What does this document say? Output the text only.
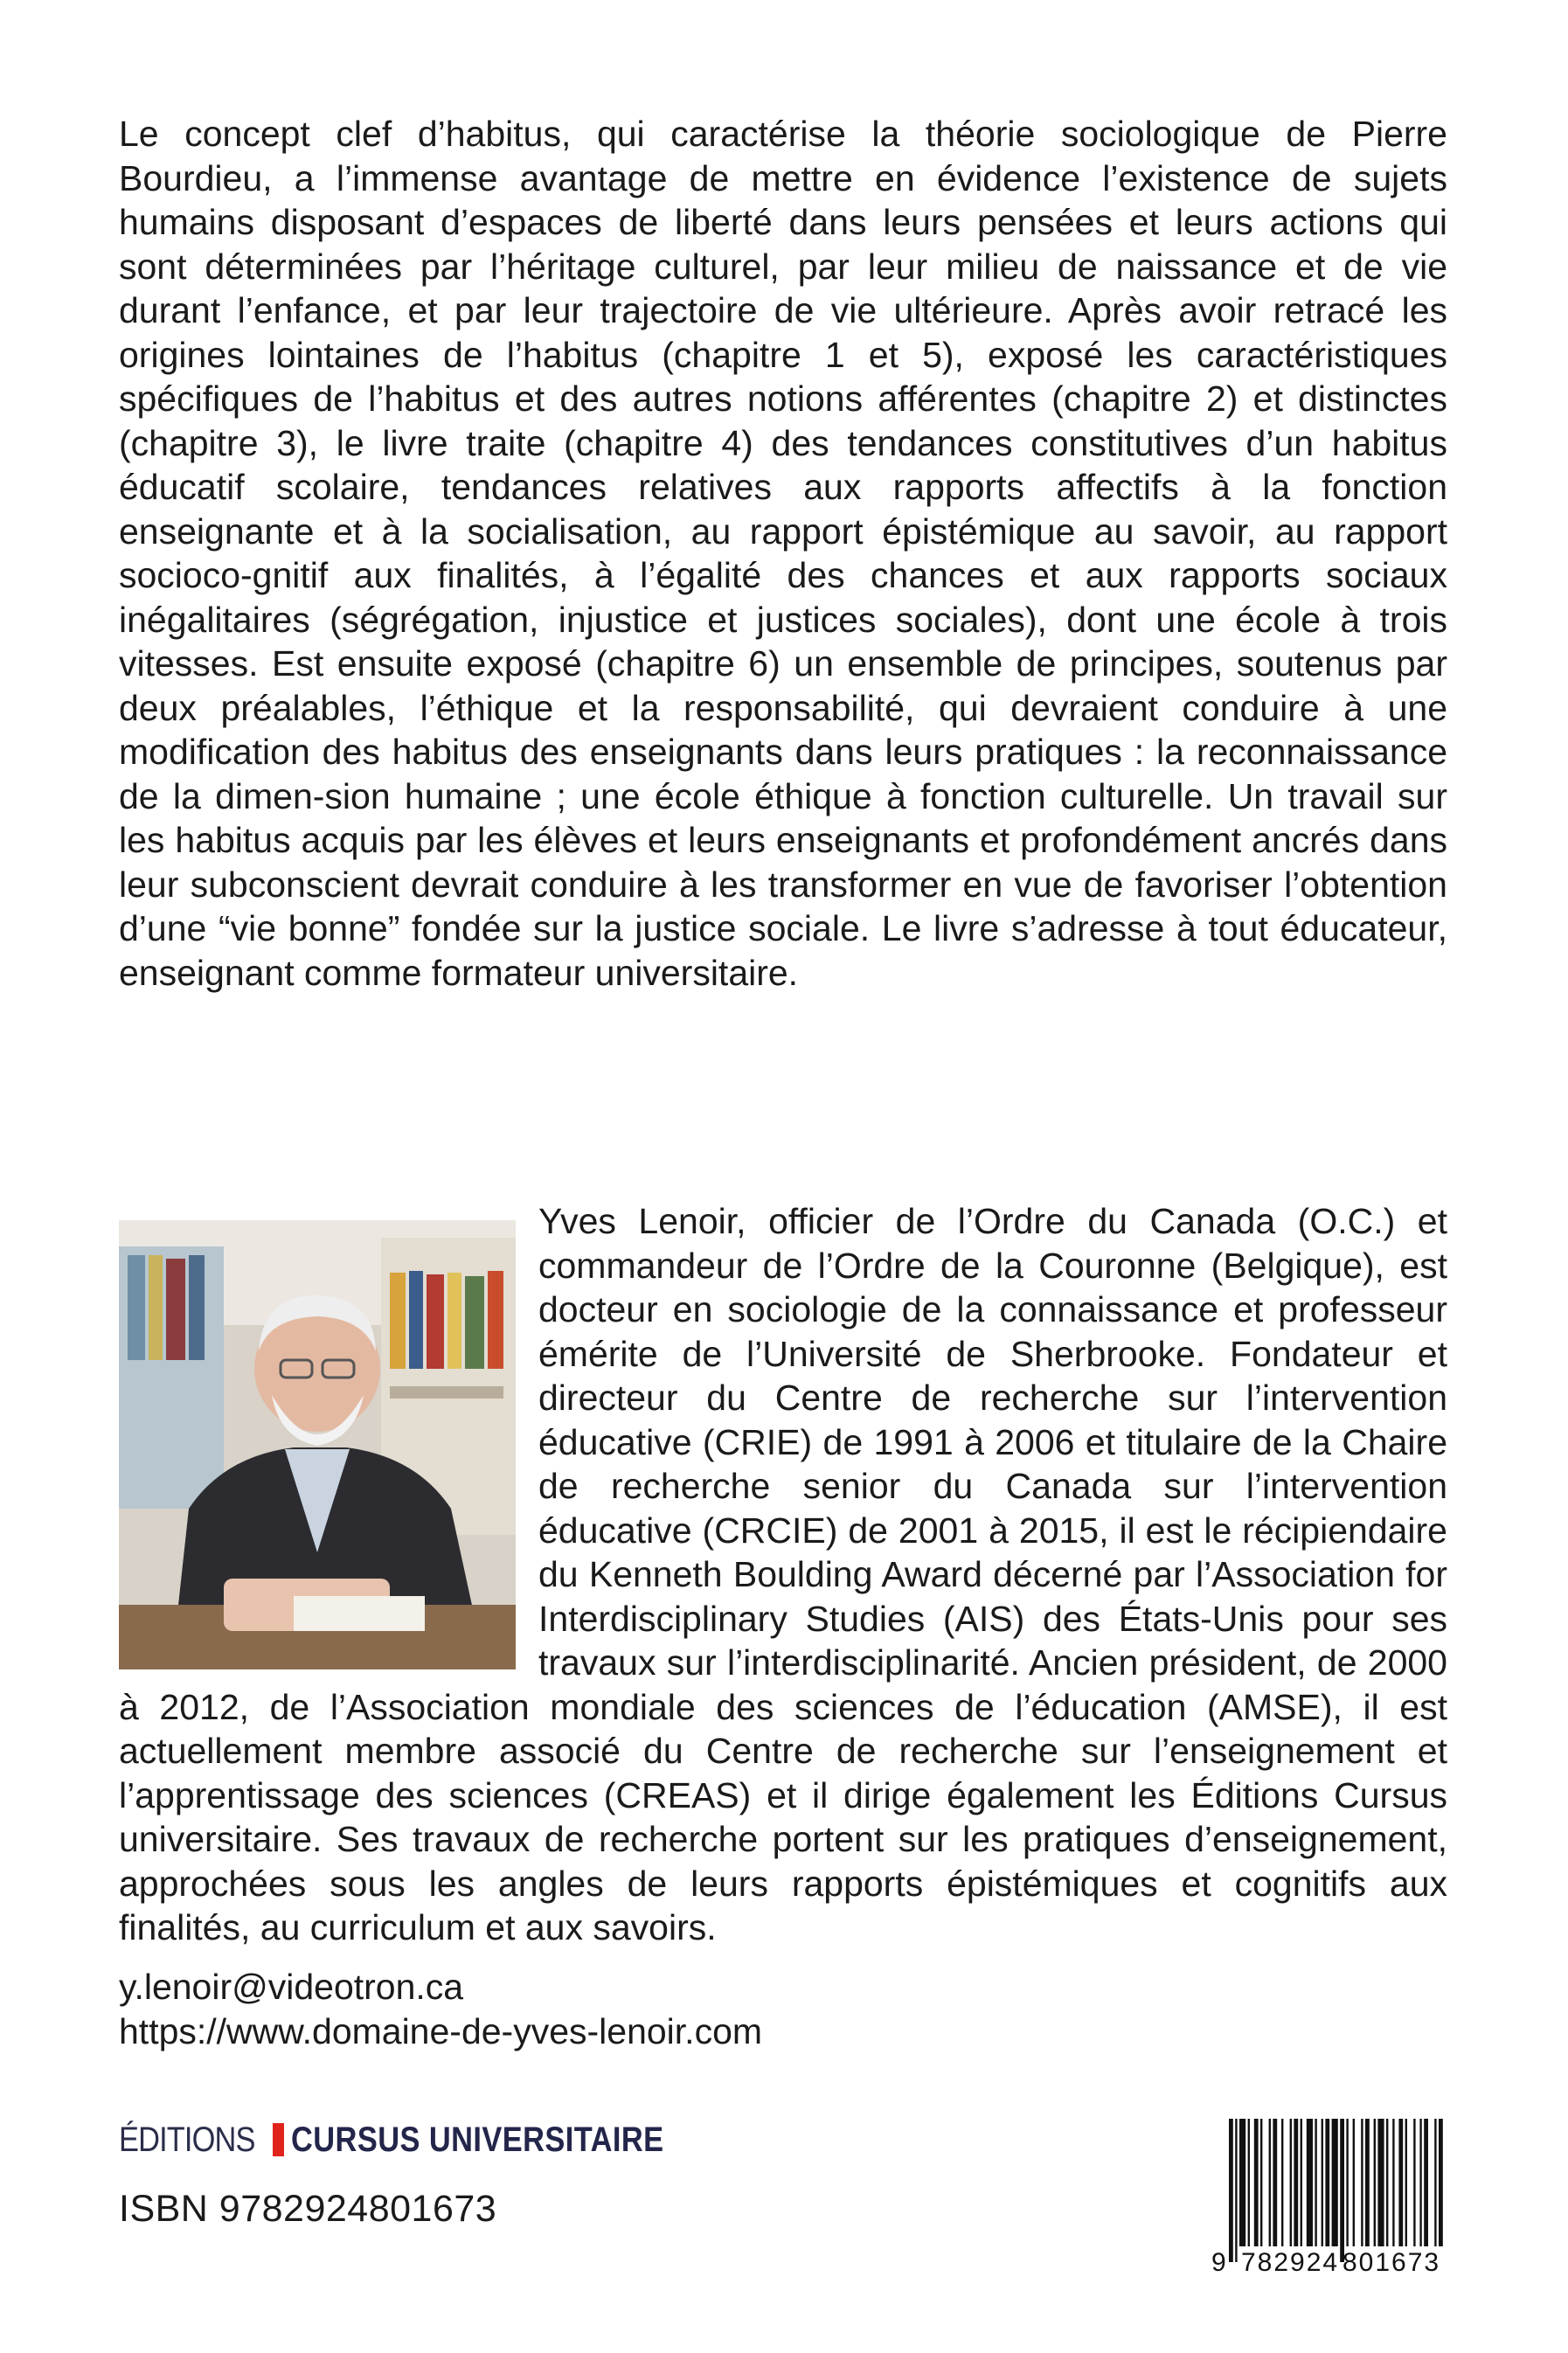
Le concept clef d’habitus, qui caractérise la théorie sociologique de Pierre Bourdieu, a l’immense avantage de mettre en évidence l’existence de sujets humains disposant d’espaces de liberté dans leurs pensées et leurs actions qui sont déterminées par l’héritage culturel, par leur milieu de naissance et de vie durant l’enfance, et par leur trajectoire de vie ultérieure. Après avoir retracé les origines lointaines de l’habitus (chapitre 1 et 5), exposé les caractéristiques spécifiques de l’habitus et des autres notions afférentes (chapitre 2) et distinctes (chapitre 3), le livre traite (chapitre 4) des tendances constitutives d’un habitus éducatif scolaire, tendances relatives aux rapports affectifs à la fonction enseignante et à la socialisation, au rapport épistémique au savoir, au rapport socioco-gnitif aux finalités, à l’égalité des chances et aux rapports sociaux inégalitaires (ségrégation, injustice et justices sociales), dont une école à trois vitesses. Est ensuite exposé (chapitre 6) un ensemble de principes, soutenus par deux préalables, l’éthique et la responsabilité, qui devraient conduire à une modification des habitus des enseignants dans leurs pratiques : la reconnaissance de la dimen-sion humaine ; une école éthique à fonction culturelle. Un travail sur les habitus acquis par les élèves et leurs enseignants et profondément ancrés dans leur subconscient devrait conduire à les transformer en vue de favoriser l’obtention d’une “vie bonne” fondée sur la justice sociale. Le livre s’adresse à tout éducateur, enseignant comme formateur universitaire.

Yves Lenoir, officier de l’Ordre du Canada (O.C.) et commandeur de l’Ordre de la Couronne (Belgique), est docteur en sociologie de la connaissance et professeur émérite de l’Université de Sherbrooke. Fondateur et directeur du Centre de recherche sur l’intervention éducative (CRIE) de 1991 à 2006 et titulaire de la Chaire de recherche senior du Canada sur l’intervention éducative (CRCIE) de 2001 à 2015, il est le récipiendaire du Kenneth Boulding Award décerné par l’Association for Interdisciplinary Studies (AIS) des États-Unis pour ses travaux sur l’interdisciplinarité. Ancien président, de 2000 à 2012, de l’Association mondiale des sciences de l’éducation (AMSE), il est actuellement membre associé du Centre de recherche sur l’enseignement et l’apprentissage des sciences (CREAS) et il dirige également les Éditions Cursus universitaire. Ses travaux de recherche portent sur les pratiques d’enseignement, approchées sous les angles de leurs rapports épistémiques et cognitifs aux finalités, au curriculum et aux savoirs.

y.lenoir@videotron.ca
https://www.domaine-de-yves-lenoir.com
ÉDITIONS CURSUS UNIVERSITAIRE
ISBN 9782924801673
9 782924 801673
